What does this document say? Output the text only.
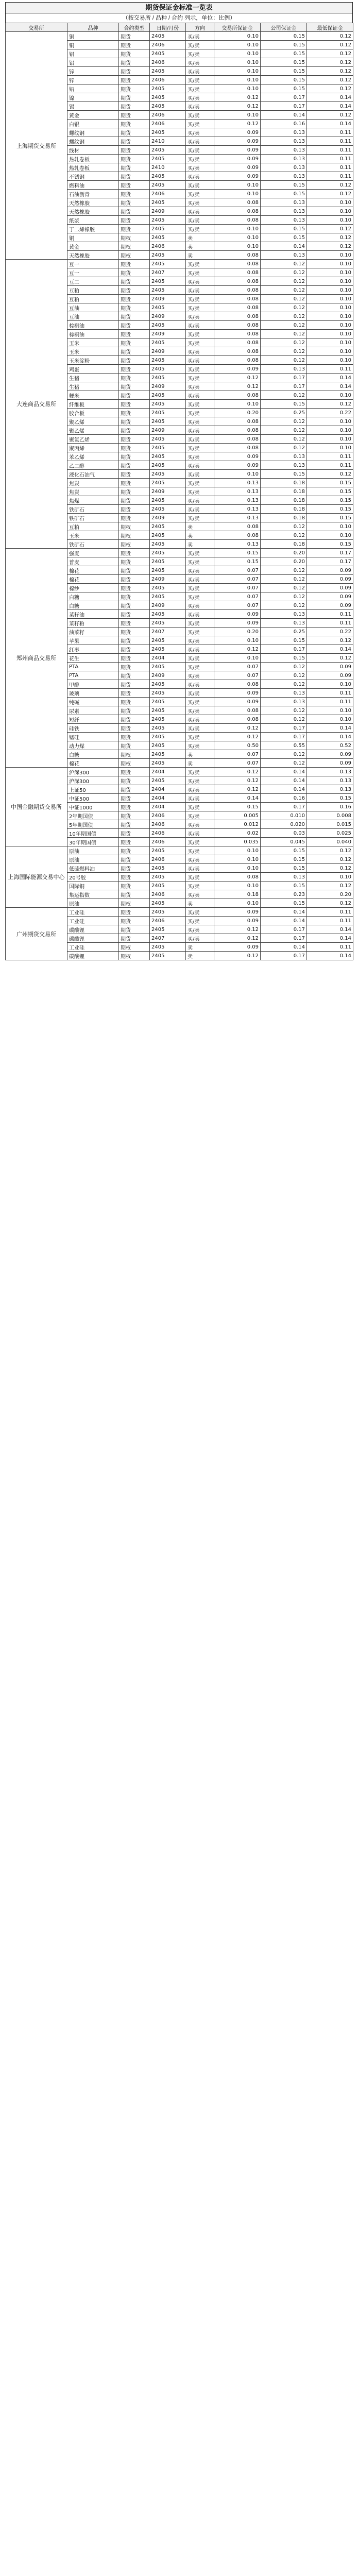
期货保证金标准一览表
（按交易所 / 品种 / 合约 列示，单位：比例）
交易所	品种	合约类型	日期/月份	方向	交易所保证金	公司保证金	最低保证金
上海期货交易所	铜	期货	2405	买/卖	0.10	0.15	0.12
	铜	期货	2406	买/卖	0.10	0.15	0.12
	铝	期货	2405	买/卖	0.10	0.15	0.12
	铝	期货	2406	买/卖	0.10	0.15	0.12
	锌	期货	2405	买/卖	0.10	0.15	0.12
	锌	期货	2406	买/卖	0.10	0.15	0.12
	铅	期货	2405	买/卖	0.10	0.15	0.12
	镍	期货	2405	买/卖	0.12	0.17	0.14
	锡	期货	2405	买/卖	0.12	0.17	0.14
	黄金	期货	2406	买/卖	0.10	0.14	0.12
	白银	期货	2406	买/卖	0.12	0.16	0.14
	螺纹钢	期货	2405	买/卖	0.09	0.13	0.11
	螺纹钢	期货	2410	买/卖	0.09	0.13	0.11
	线材	期货	2405	买/卖	0.09	0.13	0.11
	热轧卷板	期货	2405	买/卖	0.09	0.13	0.11
	热轧卷板	期货	2410	买/卖	0.09	0.13	0.11
	不锈钢	期货	2405	买/卖	0.09	0.13	0.11
	燃料油	期货	2405	买/卖	0.10	0.15	0.12
	石油沥青	期货	2406	买/卖	0.10	0.15	0.12
	天然橡胶	期货	2405	买/卖	0.08	0.13	0.10
	天然橡胶	期货	2409	买/卖	0.08	0.13	0.10
	纸浆	期货	2405	买/卖	0.08	0.13	0.10
	丁二烯橡胶	期货	2405	买/卖	0.10	0.15	0.12
	铜	期权	2405	卖	0.10	0.15	0.12
	黄金	期权	2406	卖	0.10	0.14	0.12
	天然橡胶	期权	2405	卖	0.08	0.13	0.10
大连商品交易所	豆一	期货	2405	买/卖	0.08	0.12	0.10
	豆一	期货	2407	买/卖	0.08	0.12	0.10
	豆二	期货	2405	买/卖	0.08	0.12	0.10
	豆粕	期货	2405	买/卖	0.08	0.12	0.10
	豆粕	期货	2409	买/卖	0.08	0.12	0.10
	豆油	期货	2405	买/卖	0.08	0.12	0.10
	豆油	期货	2409	买/卖	0.08	0.12	0.10
	棕榈油	期货	2405	买/卖	0.08	0.12	0.10
	棕榈油	期货	2409	买/卖	0.08	0.12	0.10
	玉米	期货	2405	买/卖	0.08	0.12	0.10
	玉米	期货	2409	买/卖	0.08	0.12	0.10
	玉米淀粉	期货	2405	买/卖	0.08	0.12	0.10
	鸡蛋	期货	2405	买/卖	0.09	0.13	0.11
	生猪	期货	2405	买/卖	0.12	0.17	0.14
	生猪	期货	2409	买/卖	0.12	0.17	0.14
	粳米	期货	2405	买/卖	0.08	0.12	0.10
	纤维板	期货	2405	买/卖	0.10	0.15	0.12
	胶合板	期货	2405	买/卖	0.20	0.25	0.22
	聚乙烯	期货	2405	买/卖	0.08	0.12	0.10
	聚乙烯	期货	2409	买/卖	0.08	0.12	0.10
	聚氯乙烯	期货	2405	买/卖	0.08	0.12	0.10
	聚丙烯	期货	2405	买/卖	0.08	0.12	0.10
	苯乙烯	期货	2405	买/卖	0.09	0.13	0.11
	乙二醇	期货	2405	买/卖	0.09	0.13	0.11
	液化石油气	期货	2405	买/卖	0.10	0.15	0.12
	焦炭	期货	2405	买/卖	0.13	0.18	0.15
	焦炭	期货	2409	买/卖	0.13	0.18	0.15
	焦煤	期货	2405	买/卖	0.13	0.18	0.15
	铁矿石	期货	2405	买/卖	0.13	0.18	0.15
	铁矿石	期货	2409	买/卖	0.13	0.18	0.15
	豆粕	期权	2405	卖	0.08	0.12	0.10
	玉米	期权	2405	卖	0.08	0.12	0.10
	铁矿石	期权	2405	卖	0.13	0.18	0.15
郑州商品交易所	强麦	期货	2405	买/卖	0.15	0.20	0.17
	普麦	期货	2405	买/卖	0.15	0.20	0.17
	棉花	期货	2405	买/卖	0.07	0.12	0.09
	棉花	期货	2409	买/卖	0.07	0.12	0.09
	棉纱	期货	2405	买/卖	0.07	0.12	0.09
	白糖	期货	2405	买/卖	0.07	0.12	0.09
	白糖	期货	2409	买/卖	0.07	0.12	0.09
	菜籽油	期货	2405	买/卖	0.09	0.13	0.11
	菜籽粕	期货	2405	买/卖	0.09	0.13	0.11
	油菜籽	期货	2407	买/卖	0.20	0.25	0.22
	苹果	期货	2405	买/卖	0.10	0.15	0.12
	红枣	期货	2405	买/卖	0.12	0.17	0.14
	花生	期货	2404	买/卖	0.10	0.15	0.12
	PTA	期货	2405	买/卖	0.07	0.12	0.09
	PTA	期货	2409	买/卖	0.07	0.12	0.09
	甲醇	期货	2405	买/卖	0.08	0.12	0.10
	玻璃	期货	2405	买/卖	0.09	0.13	0.11
	纯碱	期货	2405	买/卖	0.09	0.13	0.11
	尿素	期货	2405	买/卖	0.08	0.12	0.10
	短纤	期货	2405	买/卖	0.08	0.12	0.10
	硅铁	期货	2405	买/卖	0.12	0.17	0.14
	锰硅	期货	2405	买/卖	0.12	0.17	0.14
	动力煤	期货	2405	买/卖	0.50	0.55	0.52
	白糖	期权	2405	卖	0.07	0.12	0.09
	棉花	期权	2405	卖	0.07	0.12	0.09
中国金融期货交易所	沪深300	期货	2404	买/卖	0.12	0.14	0.13
	沪深300	期货	2405	买/卖	0.12	0.14	0.13
	上证50	期货	2404	买/卖	0.12	0.14	0.13
	中证500	期货	2404	买/卖	0.14	0.16	0.15
	中证1000	期货	2404	买/卖	0.15	0.17	0.16
	2年期国债	期货	2406	买/卖	0.005	0.010	0.008
	5年期国债	期货	2406	买/卖	0.012	0.020	0.015
	10年期国债	期货	2406	买/卖	0.02	0.03	0.025
	30年期国债	期货	2406	买/卖	0.035	0.045	0.040
上海国际能源交易中心	原油	期货	2405	买/卖	0.10	0.15	0.12
	原油	期货	2406	买/卖	0.10	0.15	0.12
	低硫燃料油	期货	2405	买/卖	0.10	0.15	0.12
	20号胶	期货	2405	买/卖	0.08	0.13	0.10
	国际铜	期货	2405	买/卖	0.10	0.15	0.12
	集运指数	期货	2406	买/卖	0.18	0.23	0.20
	原油	期权	2405	卖	0.10	0.15	0.12
广州期货交易所	工业硅	期货	2405	买/卖	0.09	0.14	0.11
	工业硅	期货	2406	买/卖	0.09	0.14	0.11
	碳酸锂	期货	2405	买/卖	0.12	0.17	0.14
	碳酸锂	期货	2407	买/卖	0.12	0.17	0.14
	工业硅	期权	2405	卖	0.09	0.14	0.11
	碳酸锂	期权	2405	卖	0.12	0.17	0.14
